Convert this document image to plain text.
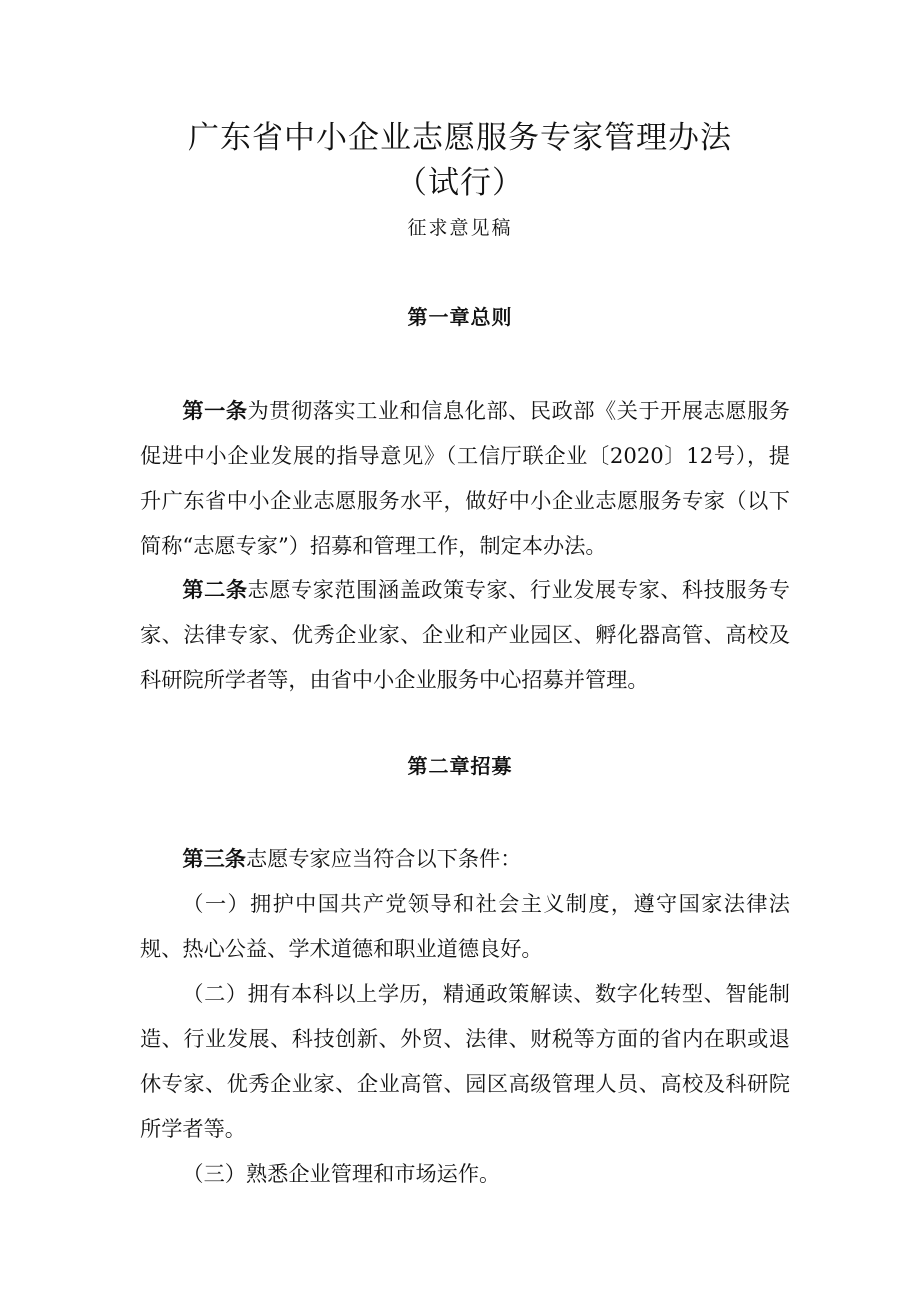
广东省中小企业志愿服务专家管理办法
（试行）
征求意见稿
第一章总则

第一条为贯彻落实工业和信息化部、民政部《关于开展志愿服务促进中小企业发展的指导意见》（工信厅联企业〔2020〕12号），提升广东省中小企业志愿服务水平，做好中小企业志愿服务专家（以下简称“志愿专家”）招募和管理工作，制定本办法。

第二条志愿专家范围涵盖政策专家、行业发展专家、科技服务专家、法律专家、优秀企业家、企业和产业园区、孵化器高管、高校及科研院所学者等，由省中小企业服务中心招募并管理。

第二章招募

第三条志愿专家应当符合以下条件：

（一）拥护中国共产党领导和社会主义制度，遵守国家法律法规、热心公益、学术道德和职业道德良好。

（二）拥有本科以上学历，精通政策解读、数字化转型、智能制造、行业发展、科技创新、外贸、法律、财税等方面的省内在职或退休专家、优秀企业家、企业高管、园区高级管理人员、高校及科研院所学者等。

（三）熟悉企业管理和市场运作。
